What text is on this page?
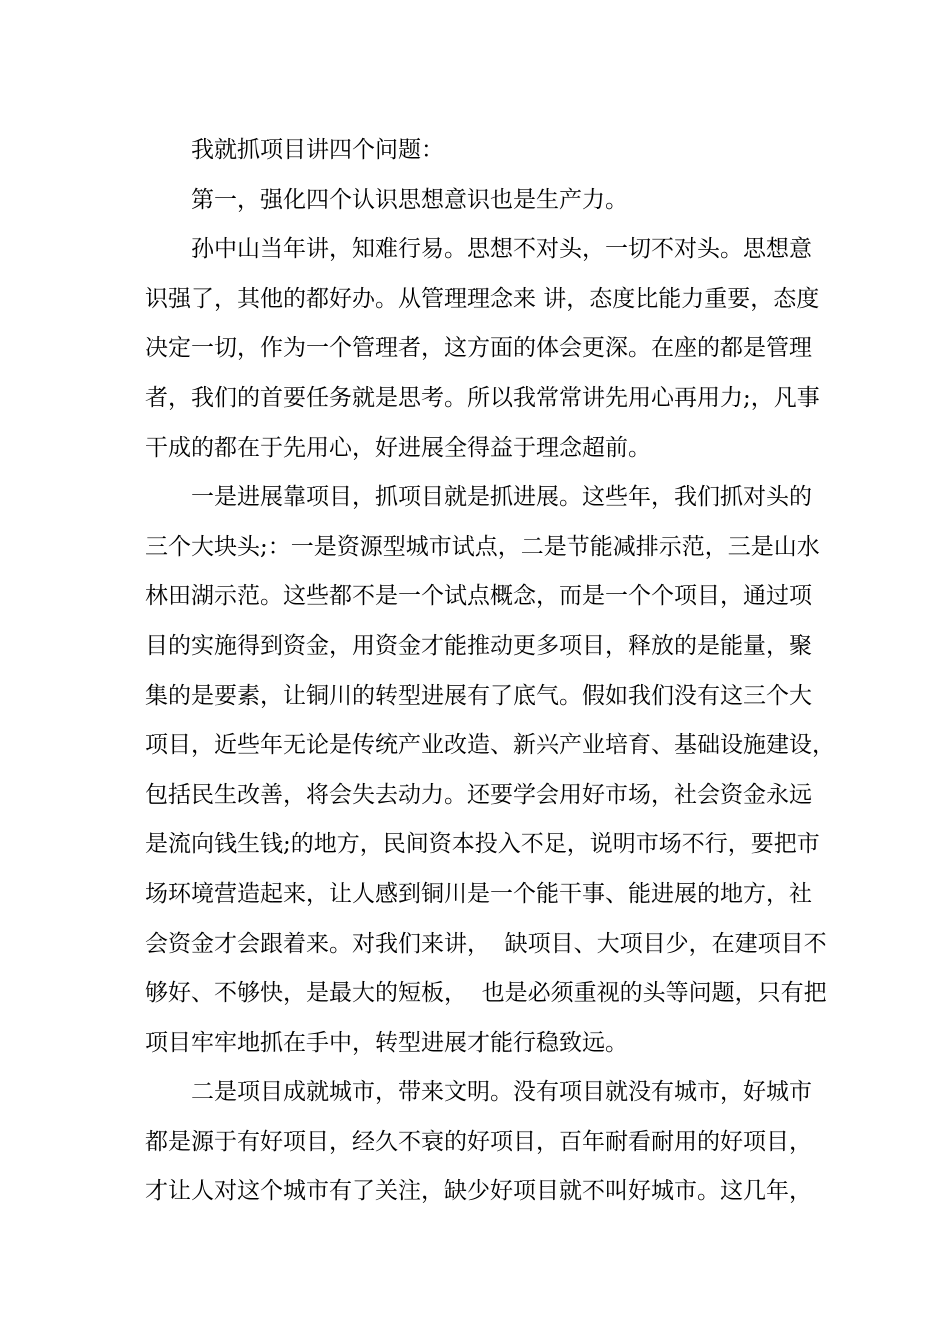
我就抓项目讲四个问题：
第一，强化四个认识思想意识也是生产力。
孙中山当年讲，知难行易。思想不对头，一切不对头。思想意
识强了，其他的都好办。从管理理念来 讲，态度比能力重要，态度
决定一切，作为一个管理者，这方面的体会更深。在座的都是管理
者，我们的首要任务就是思考。所以我常常讲先用心再用力;，凡事
干成的都在于先用心，好进展全得益于理念超前。
一是进展靠项目，抓项目就是抓进展。这些年，我们抓对头的
三个大块头;：一是资源型城市试点，二是节能减排示范，三是山水
林田湖示范。这些都不是一个试点概念，而是一个个项目，通过项
目的实施得到资金，用资金才能推动更多项目，释放的是能量，聚
集的是要素，让铜川的转型进展有了底气。假如我们没有这三个大
项目，近些年无论是传统产业改造、新兴产业培育、基础设施建设，
包括民生改善，将会失去动力。还要学会用好市场，社会资金永远
是流向钱生钱;的地方，民间资本投入不足，说明市场不行，要把市
场环境营造起来，让人感到铜川是一个能干事、能进展的地方，社
会资金才会跟着来。对我们来讲，  缺项目、大项目少，在建项目不
够好、不够快，是最大的短板，  也是必须重视的头等问题，只有把
项目牢牢地抓在手中，转型进展才能行稳致远。
二是项目成就城市，带来文明。没有项目就没有城市，好城市
都是源于有好项目，经久不衰的好项目，百年耐看耐用的好项目，
才让人对这个城市有了关注，缺少好项目就不叫好城市。这几年，
